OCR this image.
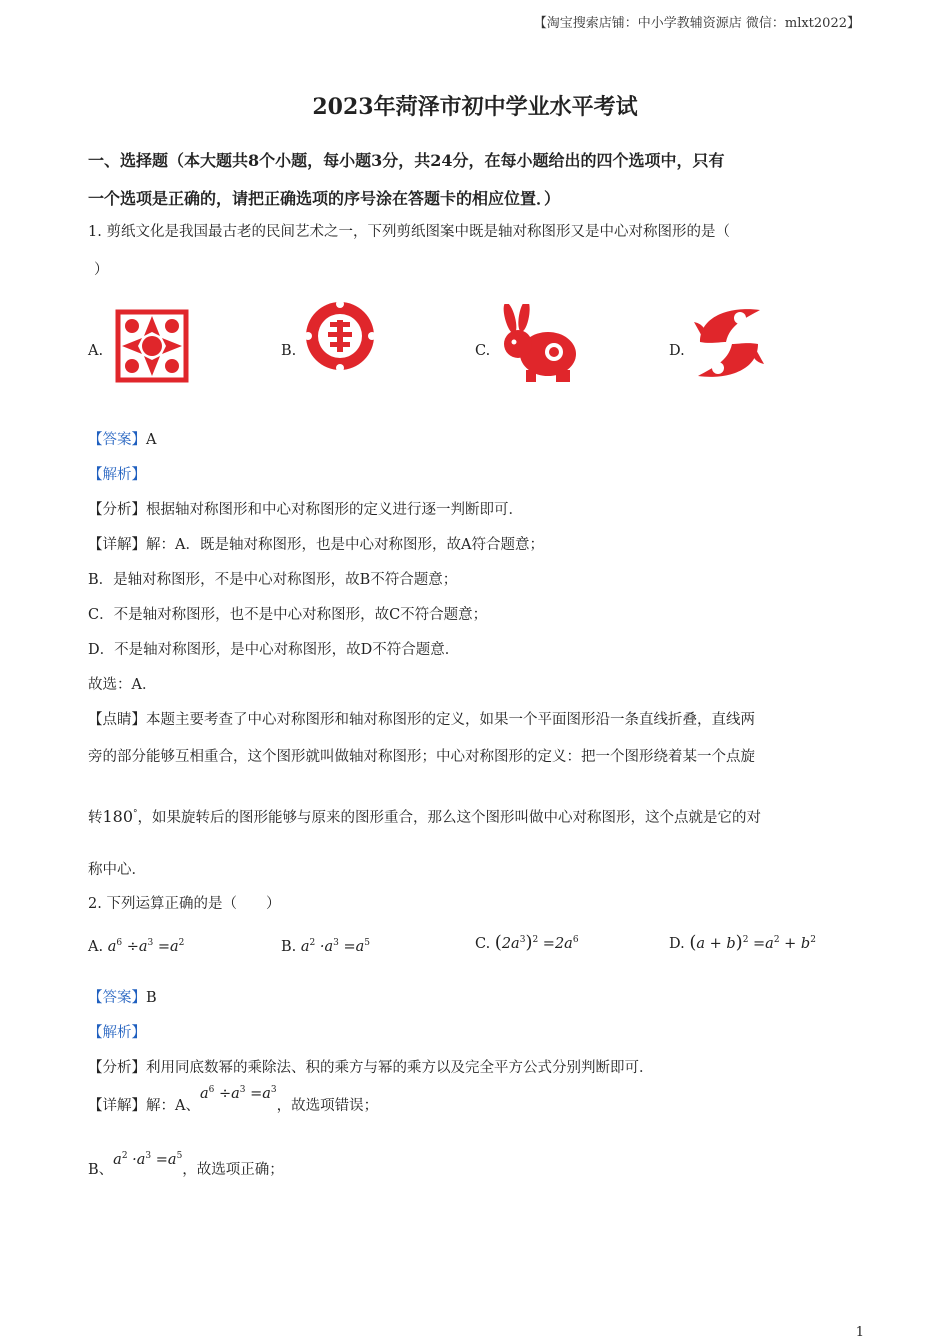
【淘宝搜索店铺：中小学教辅资源店 微信：mlxt2022】
2023年菏泽市初中学业水平考试
一、选择题（本大题共8个小题，每小题3分，共24分，在每小题给出的四个选项中，只有
一个选项是正确的，请把正确选项的序号涂在答题卡的相应位置．）
1. 剪纸文化是我国最古老的民间艺术之一，下列剪纸图案中既是轴对称图形又是中心对称图形的是（
）
A.	B.	C.	D.
【答案】A
【解析】
【分析】根据轴对称图形和中心对称图形的定义进行逐一判断即可．
【详解】解：A．既是轴对称图形，也是中心对称图形，故A符合题意；
B．是轴对称图形，不是中心对称图形，故B不符合题意；
C．不是轴对称图形，也不是中心对称图形，故C不符合题意；
D．不是轴对称图形，是中心对称图形，故D不符合题意．
故选：A．
【点睛】本题主要考查了中心对称图形和轴对称图形的定义，如果一个平面图形沿一条直线折叠，直线两
旁的部分能够互相重合，这个图形就叫做轴对称图形；中心对称图形的定义：把一个图形绕着某一个点旋
转180°，如果旋转后的图形能够与原来的图形重合，那么这个图形叫做中心对称图形，这个点就是它的对
称中心．
2. 下列运算正确的是（　　）
A. $a^6 \div a^3 =a^2$	B. $a^2 \cdot a^3 =a^5$	C. $(2a^3)^2 =2a^6$	D. $(a + b)^2 =a^2 + b^2$
【答案】B
【解析】
【分析】利用同底数幂的乘除法、积的乘方与幂的乘方以及完全平方公式分别判断即可．
【详解】解：A、$a^6 \div a^3 =a^3$，故选项错误；
B、$a^2 \cdot a^3 =a^5$，故选项正确；
1
